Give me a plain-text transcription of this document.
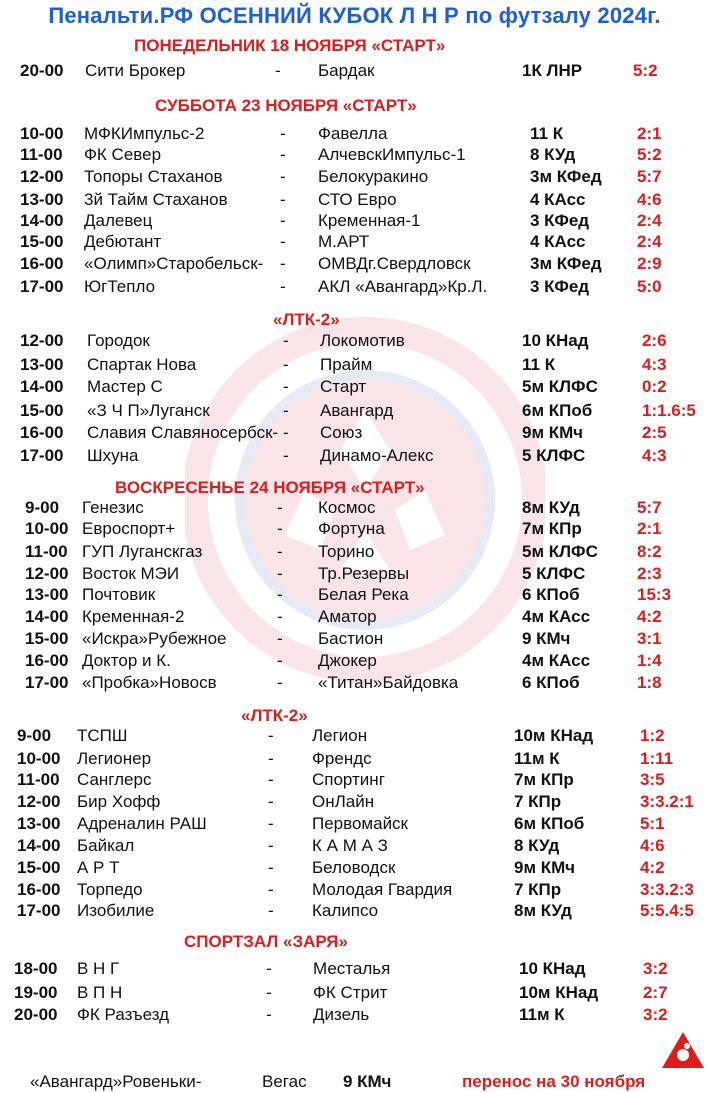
Пенальти.РФ ОСЕННИЙ КУБОК Л Н Р по футзалу 2024г.
ПОНЕДЕЛЬНИК 18 НОЯБРЯ «СТАРТ»
20-00 Сити Брокер	- Бардак	1К ЛНР	5:2
СУББОТА 23 НОЯБРЯ «СТАРТ»
10-00 МФКИмпульс-2	- Фавелла	11 К	2:1
11-00 ФК Север	- АлчевскИмпульс-1	8 КУд	5:2
12-00 Топоры Стаханов	- Белокуракино	3м КФед 5:7
13-00 3й Тайм Стаханов	- СТО Евро	4 КАсс	4:6
14-00 Далевец	- Кременная-1	3 КФед	2:4
15-00 Дебютант	- М.АРТ	4 КАсс	2:4
16-00 «Олимп»Старобельск- - ОМВДг.Свердловск	3м КФед 2:9
17-00 ЮгТепло	- АКЛ «Авангард»Кр.Л.	3 КФед	5:0
«ЛТК-2»
12-00 Городок	- Локомотив	10 КНад	2:6
13-00 Спартак Нова	- Прайм	11 К	4:3
14-00 Мастер С	- Старт	5м КЛФС	0:2
15-00 «З Ч П»Луганск	- Авангард	6м КПоб	1:1.6:5
16-00 Славия Славяносербск- - Союз	9м КМч	2:5
17-00 Шхуна	- Динамо-Алекс	5 КЛФС	4:3
ВОСКРЕСЕНЬЕ 24 НОЯБРЯ «СТАРТ»
9-00 Генезис	- Космос	8м КУд	5:7
10-00 Евроспорт+	- Фортуна	7м КПр	2:1
11-00 ГУП Луганскгаз	- Торино	5м КЛФС 8:2
12-00 Восток МЭИ	- Тр.Резервы	5 КЛФС	2:3
13-00 Почтовик	- Белая Река	6 КПоб	15:3
14-00 Кременная-2	- Аматор	4м КАсс	4:2
15-00 «Искра»Рубежное	- Бастион	9 КМч	3:1
16-00 Доктор и К.	- Джокер	4м КАсс	1:4
17-00 «Пробка»Новосв	- «Титан»Байдовка	6 КПоб	1:8
«ЛТК-2»
9-00 ТСПШ	- Легион	10м КНад	1:2
10-00 Легионер	- Френдс	11м К	1:11
11-00 Санглерс	- Спортинг	7м КПр	3:5
12-00 Бир Хофф	- ОнЛайн	7 КПр	3:3.2:1
13-00 Адреналин РАШ	- Первомайск	6м КПоб	5:1
14-00 Байкал	- К А М А З	8 КУд	4:6
15-00 А Р Т	- Беловодск	9м КМч	4:2
16-00 Торпедо	- Молодая Гвардия	7 КПр	3:3.2:3
17-00 Изобилие	- Калипсо	8м КУд	5:5.4:5
СПОРТЗАЛ «ЗАРЯ»
18-00 В Н Г	- Месталья	10 КНад	3:2
19-00 В П Н	- ФК Стрит	10м КНад	2:7
20-00 ФК Разъезд	- Дизель	11м К	3:2
«Авангард»Ровеньки-	Вегас 9 КМч	перенос на 30 ноября
